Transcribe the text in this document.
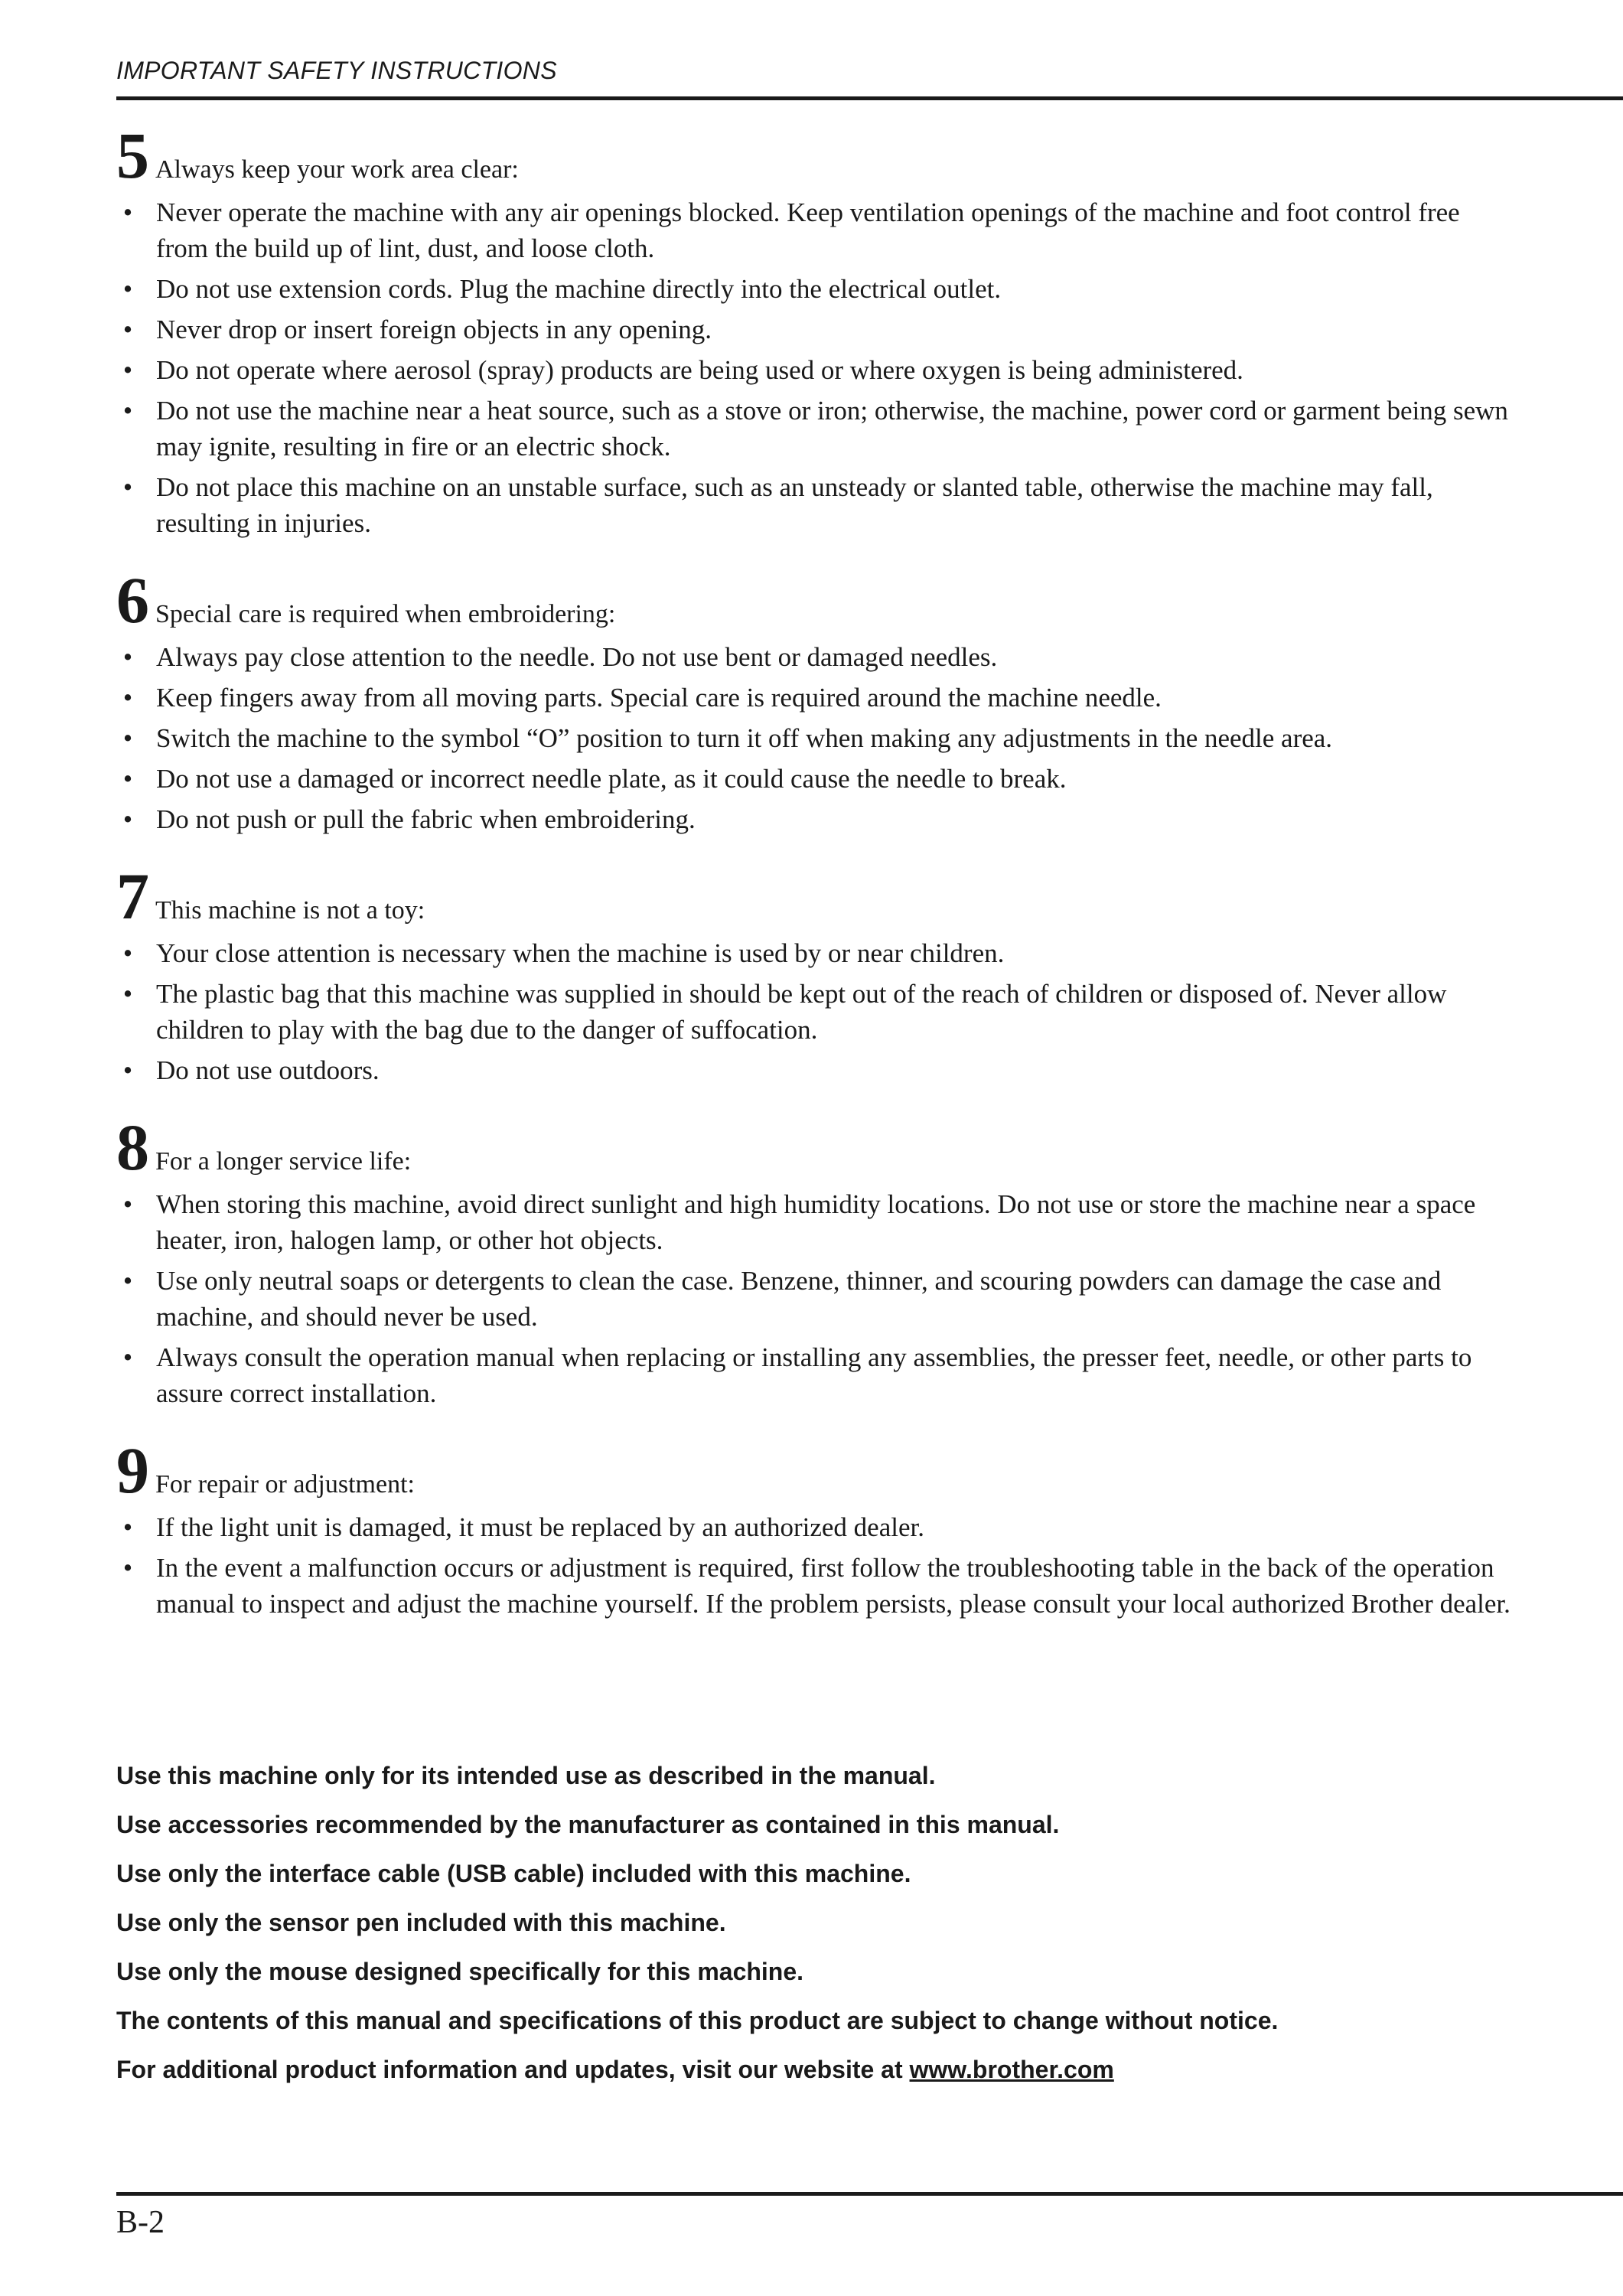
IMPORTANT SAFETY INSTRUCTIONS
5 Always keep your work area clear:
• Never operate the machine with any air openings blocked. Keep ventilation openings of the machine and foot control free from the build up of lint, dust, and loose cloth.
• Do not use extension cords. Plug the machine directly into the electrical outlet.
• Never drop or insert foreign objects in any opening.
• Do not operate where aerosol (spray) products are being used or where oxygen is being administered.
• Do not use the machine near a heat source, such as a stove or iron; otherwise, the machine, power cord or garment being sewn may ignite, resulting in fire or an electric shock.
• Do not place this machine on an unstable surface, such as an unsteady or slanted table, otherwise the machine may fall, resulting in injuries.
6 Special care is required when embroidering:
• Always pay close attention to the needle. Do not use bent or damaged needles.
• Keep fingers away from all moving parts. Special care is required around the machine needle.
• Switch the machine to the symbol “O” position to turn it off when making any adjustments in the needle area.
• Do not use a damaged or incorrect needle plate, as it could cause the needle to break.
• Do not push or pull the fabric when embroidering.
7 This machine is not a toy:
• Your close attention is necessary when the machine is used by or near children.
• The plastic bag that this machine was supplied in should be kept out of the reach of children or disposed of. Never allow children to play with the bag due to the danger of suffocation.
• Do not use outdoors.
8 For a longer service life:
• When storing this machine, avoid direct sunlight and high humidity locations. Do not use or store the machine near a space heater, iron, halogen lamp, or other hot objects.
• Use only neutral soaps or detergents to clean the case. Benzene, thinner, and scouring powders can damage the case and machine, and should never be used.
• Always consult the operation manual when replacing or installing any assemblies, the presser feet, needle, or other parts to assure correct installation.
9 For repair or adjustment:
• If the light unit is damaged, it must be replaced by an authorized dealer.
• In the event a malfunction occurs or adjustment is required, first follow the troubleshooting table in the back of the operation manual to inspect and adjust the machine yourself. If the problem persists, please consult your local authorized Brother dealer.
Use this machine only for its intended use as described in the manual.
Use accessories recommended by the manufacturer as contained in this manual.
Use only the interface cable (USB cable) included with this machine.
Use only the sensor pen included with this machine.
Use only the mouse designed specifically for this machine.
The contents of this manual and specifications of this product are subject to change without notice.
For additional product information and updates, visit our website at www.brother.com
B-2
